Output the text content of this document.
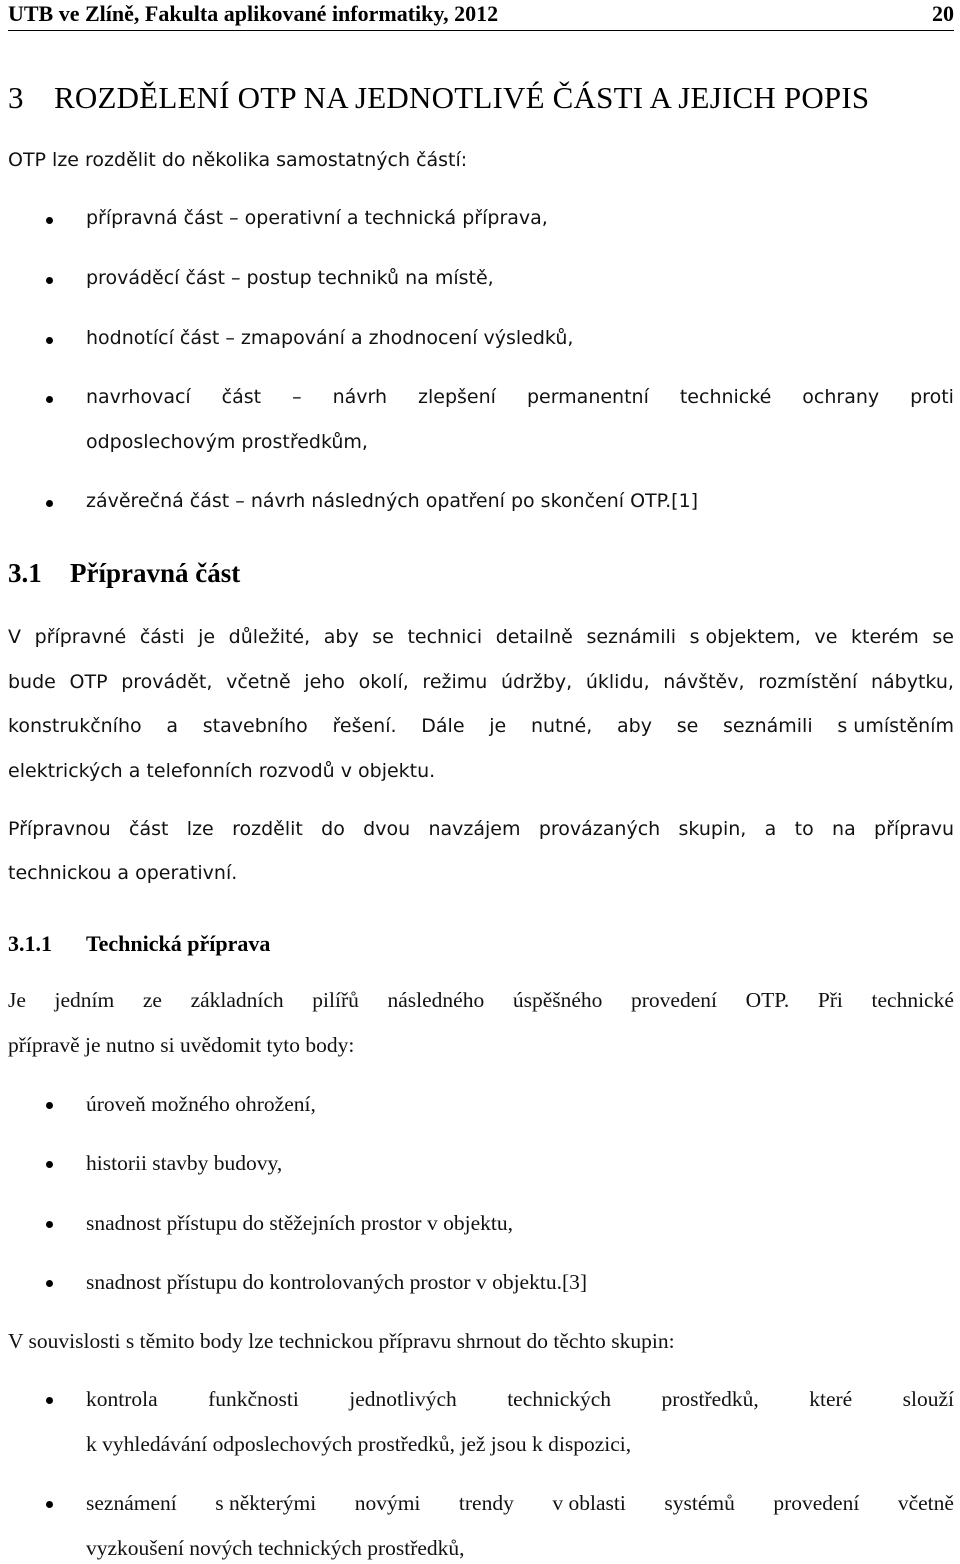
UTB ve Zlíně, Fakulta aplikované informatiky, 2012	20
3 ROZDĚLENÍ OTP NA JEDNOTLIVÉ ČÁSTI A JEJICH POPIS
OTP lze rozdělit do několika samostatných částí:
přípravná část – operativní a technická příprava,
prováděcí část – postup techniků na místě,
hodnotící část – zmapování a zhodnocení výsledků,
navrhovací část – návrh zlepšení permanentní technické ochrany proti
odposlechovým prostředkům,
závěrečná část – návrh následných opatření po skončení OTP.[1]
3.1 Přípravná část
V přípravné části je důležité, aby se technici detailně seznámili s objektem, ve kterém se
bude OTP provádět, včetně jeho okolí, režimu údržby, úklidu, návštěv, rozmístění nábytku,
konstrukčního a stavebního řešení. Dále je nutné, aby se seznámili s umístěním
elektrických a telefonních rozvodů v objektu.
Přípravnou část lze rozdělit do dvou navzájem provázaných skupin, a to na přípravu
technickou a operativní.
3.1.1 Technická příprava
Je jedním ze základních pilířů následného úspěšného provedení OTP. Při technické
přípravě je nutno si uvědomit tyto body:
úroveň možného ohrožení,
historii stavby budovy,
snadnost přístupu do stěžejních prostor v objektu,
snadnost přístupu do kontrolovaných prostor v objektu.[3]
V souvislosti s těmito body lze technickou přípravu shrnout do těchto skupin:
kontrola funkčnosti jednotlivých technických prostředků, které slouží
k vyhledávání odposlechových prostředků, jež jsou k dispozici,
seznámení s některými novými trendy v oblasti systémů provedení včetně
vyzkoušení nových technických prostředků,
